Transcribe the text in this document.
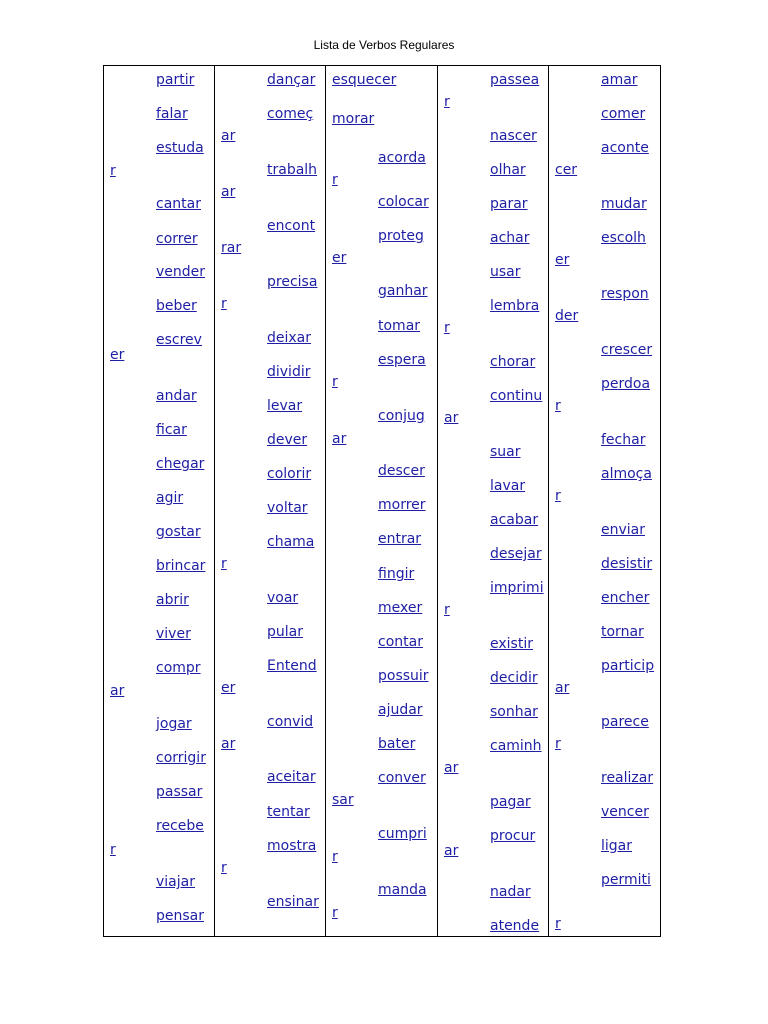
Lista de Verbos Regulares
r
er
ar
r
partir
falar
estuda
cantar
correr
vender
beber
escrev
andar
ficar
chegar
agir
gostar
brincar
abrir
viver
compr
jogar
corrigir
passar
recebe
viajar
pensar
ar
ar
rar
r
r
er
ar
r
dançar
começ
trabalh
encont
precisa
deixar
dividir
levar
dever
colorir
voltar
chama
voar
pular
Entend
convid
aceitar
tentar
mostra
ensinar
esquecer
morar
r
er
r
ar
sar
r
r
acorda
colocar
proteg
ganhar
tomar
espera
conjug
descer
morrer
entrar
fingir
mexer
contar
possuir
ajudar
bater
conver
cumpri
manda
r
r
ar
r
ar
ar
passea
nascer
olhar
parar
achar
usar
lembra
chorar
continu
suar
lavar
acabar
desejar
imprimi
existir
decidir
sonhar
caminh
pagar
procur
nadar
atende
cer
er
der
r
r
ar
r
r
amar
comer
aconte
mudar
escolh
respon
crescer
perdoa
fechar
almoça
enviar
desistir
encher
tornar
particip
parece
realizar
vencer
ligar
permiti
